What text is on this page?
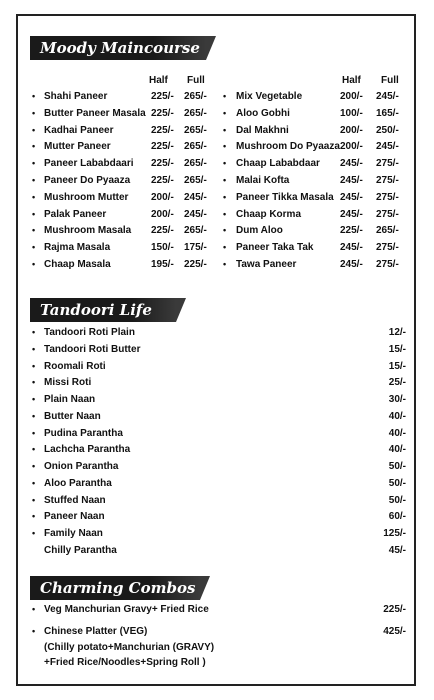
Moody Maincourse
Half Full	Half Full
• Shahi Paneer	225/- 265/-
• Butter Paneer Masala 225/- 265/-
• Kadhai Paneer	225/- 265/-
• Mutter Paneer	225/- 265/-
• Paneer Lababdaari 225/- 265/-
• Paneer Do Pyaaza 225/- 265/-
• Mushroom Mutter 200/- 245/-
• Palak Paneer	200/- 245/-
• Mushroom Masala 225/- 265/-
• Rajma Masala	150/- 175/-
• Chaap Masala	195/- 225/-
• Mix Vegetable	200/- 245/-
• Aloo Gobhi	100/- 165/-
• Dal Makhni	200/- 250/-
• Mushroom Do Pyaaza 200/- 245/-
• Chaap Lababdaar 245/- 275/-
• Malai Kofta	245/- 275/-
• Paneer Tikka Masala 245/- 275/-
• Chaap Korma	245/- 275/-
• Dum Aloo	225/- 265/-
• Paneer Taka Tak	245/- 275/-
• Tawa Paneer	245/- 275/-
Tandoori Life
• Tandoori Roti Plain	12/-
• Tandoori Roti Butter	15/-
• Roomali Roti	15/-
• Missi Roti	25/-
• Plain Naan	30/-
• Butter Naan	40/-
• Pudina Parantha	40/-
• Lachcha Parantha	40/-
• Onion Parantha	50/-
• Aloo Parantha	50/-
• Stuffed Naan	50/-
• Paneer Naan	60/-
• Family Naan	125/-
Chilly Parantha	45/-
Charming Combos
• Veg Manchurian Gravy+ Fried Rice	225/-
• Chinese Platter (VEG)	425/-
(Chilly potato+Manchurian (GRAVY)
+Fried Rice/Noodles+Spring Roll )
